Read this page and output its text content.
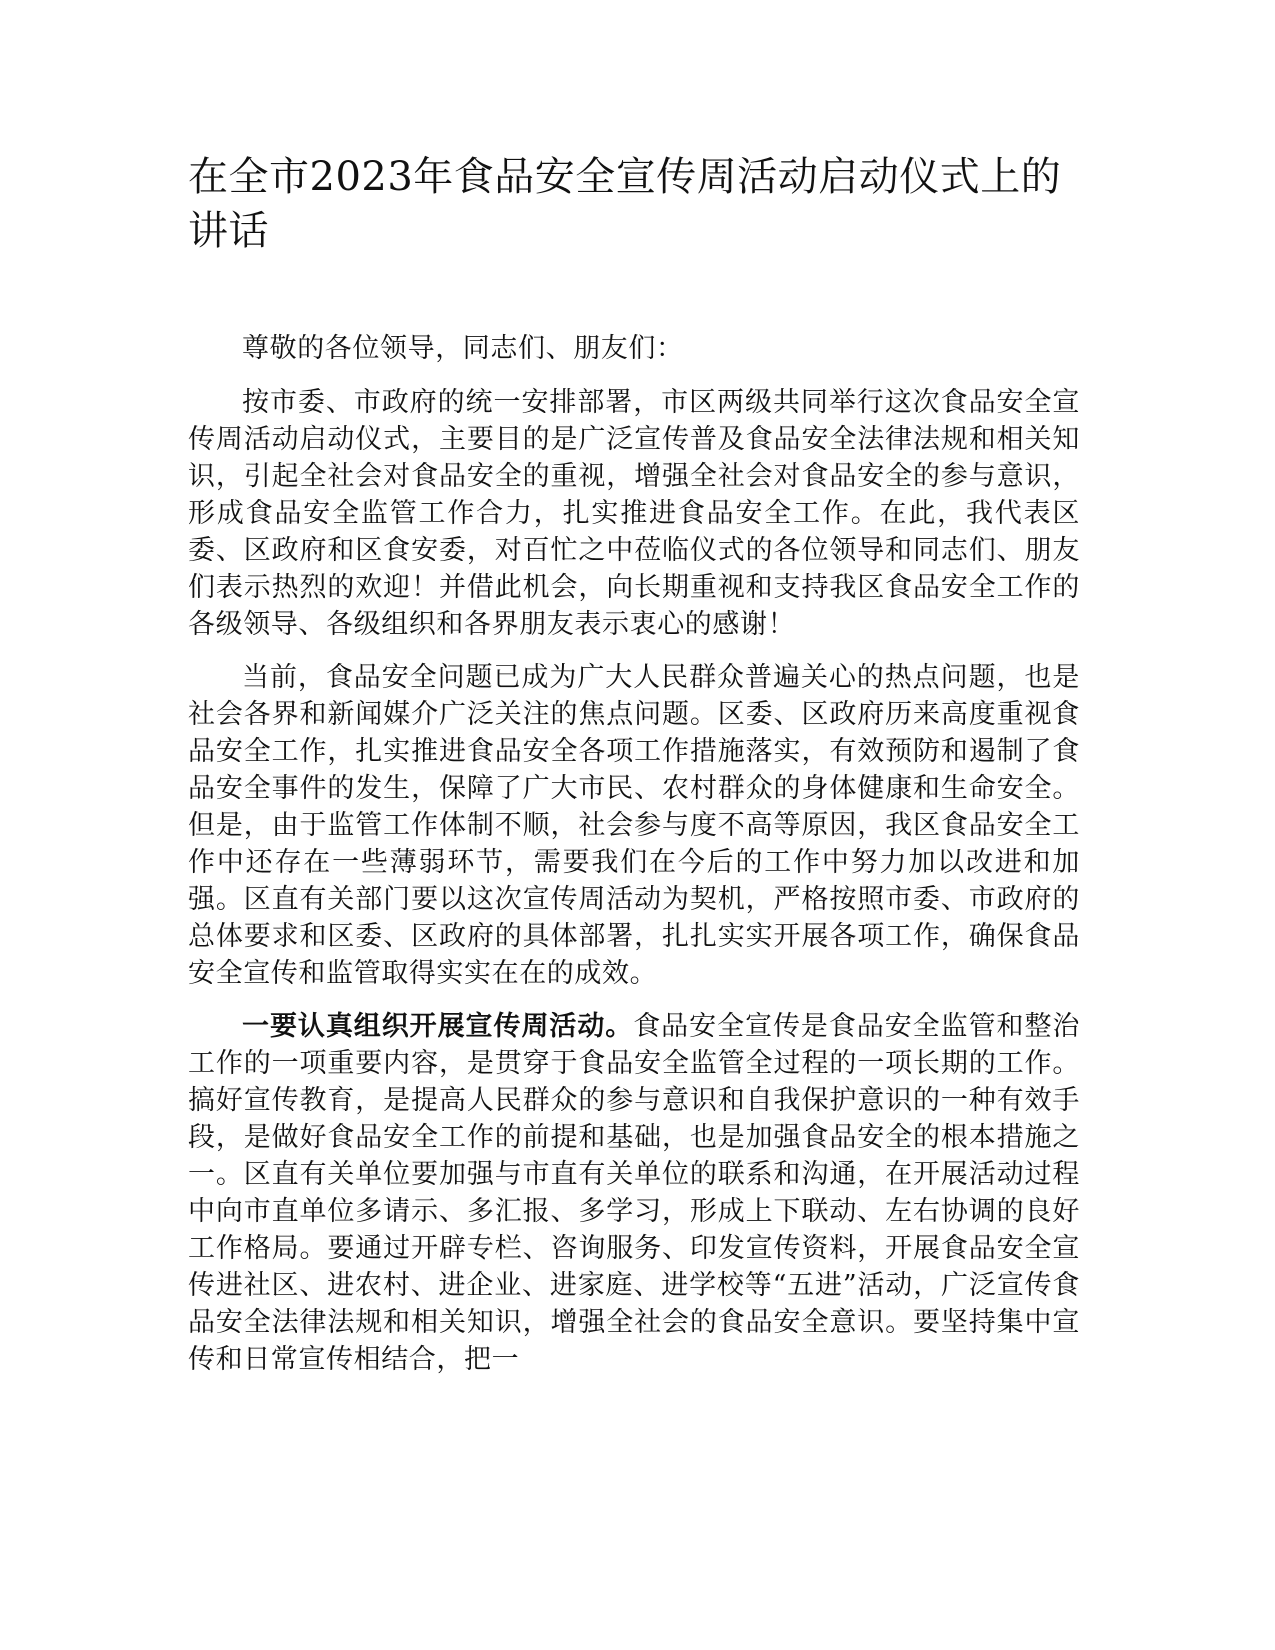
在全市2023年食品安全宣传周活动启动仪式上的讲话

尊敬的各位领导，同志们、朋友们：

按市委、市政府的统一安排部署，市区两级共同举行这次食品安全宣传周活动启动仪式，主要目的是广泛宣传普及食品安全法律法规和相关知识，引起全社会对食品安全的重视，增强全社会对食品安全的参与意识，形成食品安全监管工作合力，扎实推进食品安全工作。在此，我代表区委、区政府和区食安委，对百忙之中莅临仪式的各位领导和同志们、朋友们表示热烈的欢迎！并借此机会，向长期重视和支持我区食品安全工作的各级领导、各级组织和各界朋友表示衷心的感谢！

当前，食品安全问题已成为广大人民群众普遍关心的热点问题，也是社会各界和新闻媒介广泛关注的焦点问题。区委、区政府历来高度重视食品安全工作，扎实推进食品安全各项工作措施落实，有效预防和遏制了食品安全事件的发生，保障了广大市民、农村群众的身体健康和生命安全。但是，由于监管工作体制不顺，社会参与度不高等原因，我区食品安全工作中还存在一些薄弱环节，需要我们在今后的工作中努力加以改进和加强。区直有关部门要以这次宣传周活动为契机，严格按照市委、市政府的总体要求和区委、区政府的具体部署，扎扎实实开展各项工作，确保食品安全宣传和监管取得实实在在的成效。

一要认真组织开展宣传周活动。食品安全宣传是食品安全监管和整治工作的一项重要内容，是贯穿于食品安全监管全过程的一项长期的工作。搞好宣传教育，是提高人民群众的参与意识和自我保护意识的一种有效手段，是做好食品安全工作的前提和基础，也是加强食品安全的根本措施之一。区直有关单位要加强与市直有关单位的联系和沟通，在开展活动过程中向市直单位多请示、多汇报、多学习，形成上下联动、左右协调的良好工作格局。要通过开辟专栏、咨询服务、印发宣传资料，开展食品安全宣传进社区、进农村、进企业、进家庭、进学校等“五进”活动，广泛宣传食品安全法律法规和相关知识，增强全社会的食品安全意识。要坚持集中宣传和日常宣传相结合，把一
